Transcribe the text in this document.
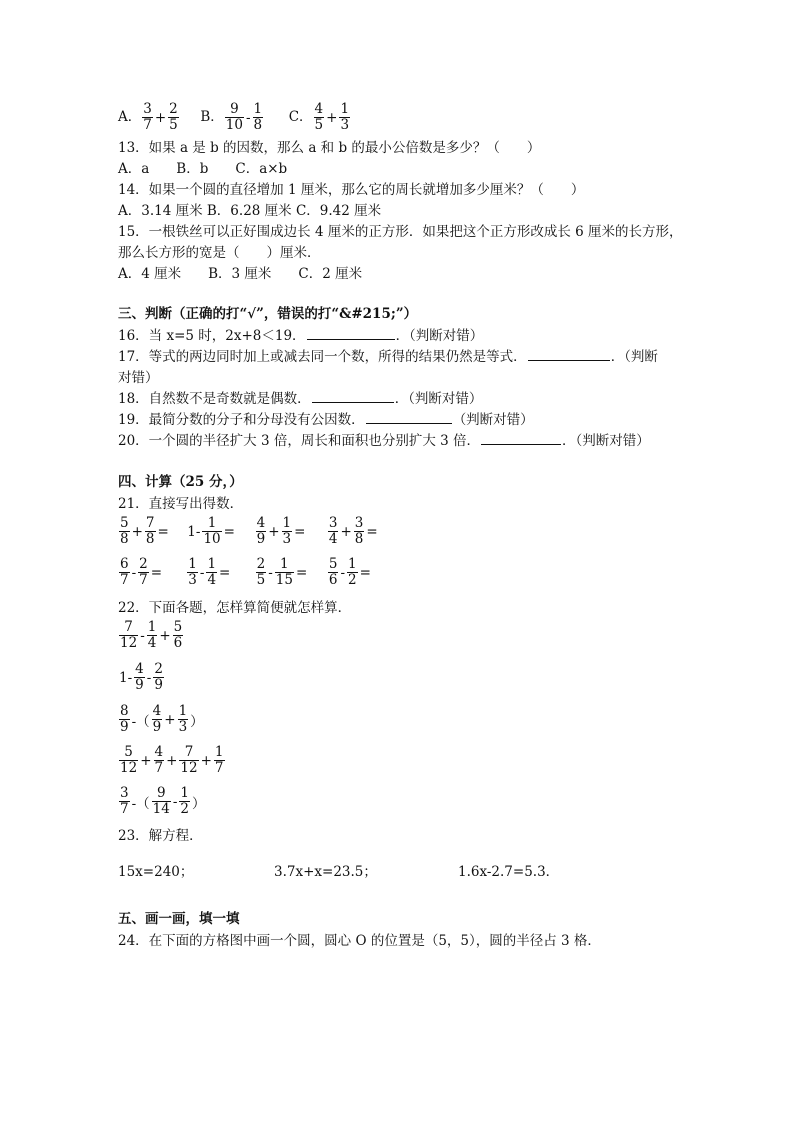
A． $\frac{3}{7} + \frac{2}{5}$ B． $\frac{9}{10} - \frac{1}{8}$ C． $\frac{4}{5} + \frac{1}{3}$
13．如果 a 是 b 的因数，那么 a 和 b 的最小公倍数是多少？（　　）
A．a　　B．b　　C．a×b
14．如果一个圆的直径增加 1 厘米，那么它的周长就增加多少厘米？（　　）
A．3.14 厘米 B．6.28 厘米 C．9.42 厘米
15．一根铁丝可以正好围成边长 4 厘米的正方形．如果把这个正方形改成长 6 厘米的长方形，
那么长方形的宽是（　　）厘米．
A．4 厘米　　B．3 厘米　　C．2 厘米
三、判断（正确的打“√”，错误的打“&#215;”）
16．当 x=5 时，2x+8＜19．	．（判断对错）
17．等式的两边同时加上或减去同一个数，所得的结果仍然是等式．	．（判断
对错）
18．自然数不是奇数就是偶数．	．（判断对错）
19．最简分数的分子和分母没有公因数．	（判断对错）
20．一个圆的半径扩大 3 倍，周长和面积也分别扩大 3 倍．	．（判断对错）
四、计算（25 分，）
21．直接写出得数．
$\frac{5}{8} + \frac{7}{8} = 1- \frac{1}{10} = \frac{4}{9} + \frac{1}{3} = \frac{3}{4} + \frac{3}{8}$ =
$\frac{6}{7} - \frac{2}{7} = \frac{1}{3} - \frac{1}{4} = \frac{2}{5} - \frac{1}{15} = \frac{5}{6} - \frac{1}{2}$ =
22．下面各题，怎样算简便就怎样算．
$\frac{7}{12} - \frac{1}{4} + \frac{5}{6}$
$1- \frac{4}{9} - \frac{2}{9}$
$\frac{8}{9}$ -（ $\frac{4}{9} + \frac{1}{3}$ ）
$\frac{5}{12} + \frac{4}{7} + \frac{7}{12} + \frac{1}{7}$
$\frac{3}{7}$ -（ $\frac{9}{14} - \frac{1}{2}$ ）
23．解方程．
15x=240；	3.7x+x=23.5；	1.6x-2.7=5.3．
五、画一画，填一填
24．在下面的方格图中画一个圆，圆心 O 的位置是（5，5），圆的半径占 3 格．
